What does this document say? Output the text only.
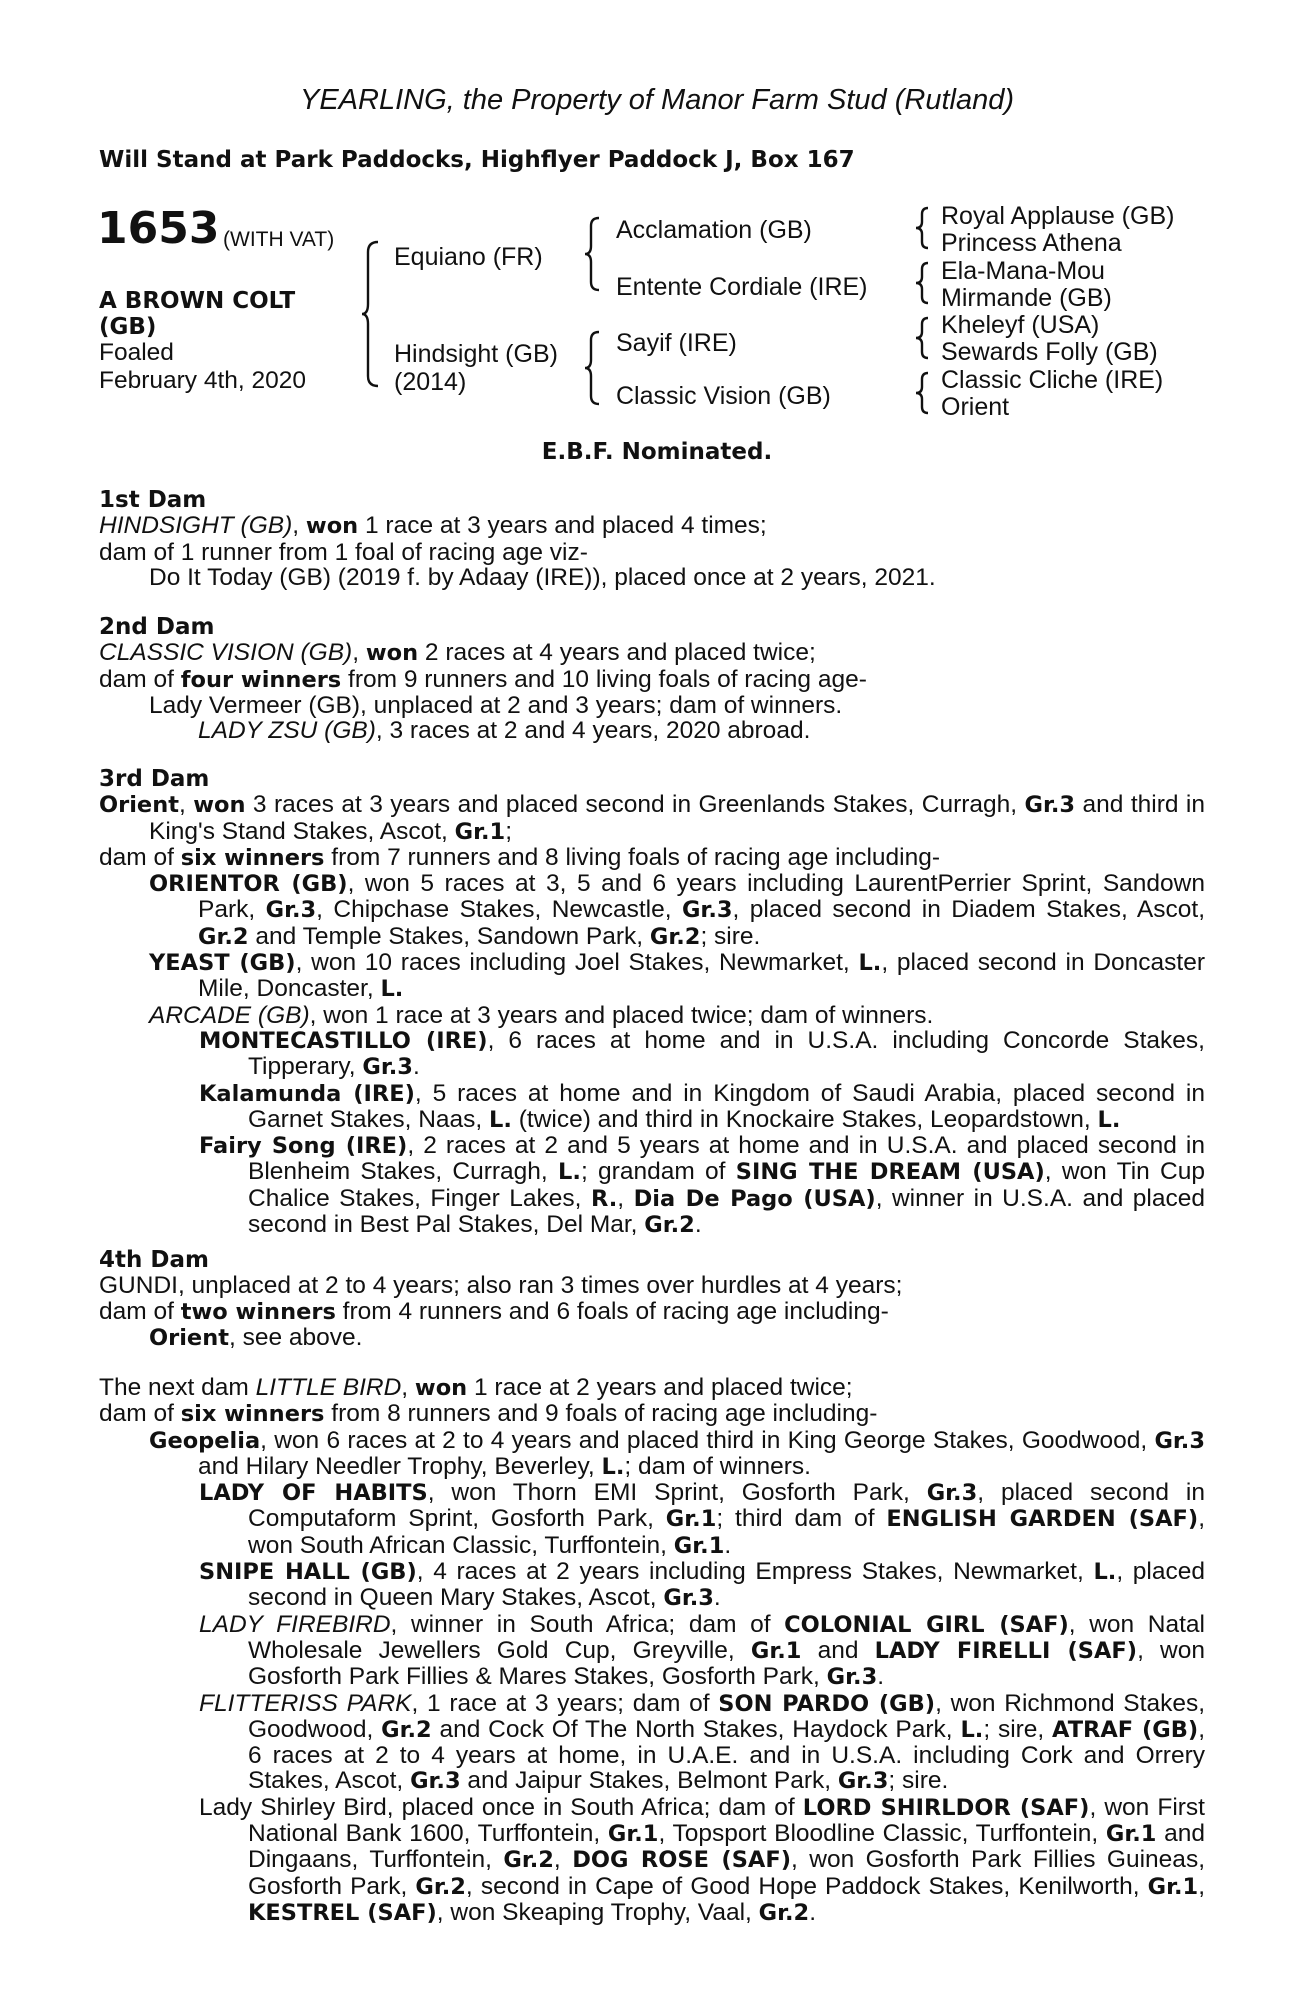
YEARLING, the Property of Manor Farm Stud (Rutland)
Will Stand at Park Paddocks, Highflyer Paddock J, Box 167
1653 (WITH VAT)
A BROWN COLT
(GB)
Foaled
February 4th, 2020
Equiano (FR)
Hindsight (GB)
(2014)
Acclamation (GB)
Entente Cordiale (IRE)
Sayif (IRE)
Classic Vision (GB)
Royal Applause (GB)
Princess Athena
Ela-Mana-Mou
Mirmande (GB)
Kheleyf (USA)
Sewards Folly (GB)
Classic Cliche (IRE)
Orient
E.B.F. Nominated.

1st Dam

HINDSIGHT (GB), won 1 race at 3 years and placed 4 times;

dam of 1 runner from 1 foal of racing age viz-

Do It Today (GB) (2019 f. by Adaay (IRE)), placed once at 2 years, 2021.

2nd Dam

CLASSIC VISION (GB), won 2 races at 4 years and placed twice;

dam of four winners from 9 runners and 10 living foals of racing age-

Lady Vermeer (GB), unplaced at 2 and 3 years; dam of winners.

LADY ZSU (GB), 3 races at 2 and 4 years, 2020 abroad.

3rd Dam

Orient, won 3 races at 3 years and placed second in Greenlands Stakes, Curragh, Gr.3 and third in King's Stand Stakes, Ascot, Gr.1;

dam of six winners from 7 runners and 8 living foals of racing age including-

ORIENTOR (GB), won 5 races at 3, 5 and 6 years including LaurentPerrier Sprint, Sandown Park, Gr.3, Chipchase Stakes, Newcastle, Gr.3, placed second in Diadem Stakes, Ascot, Gr.2 and Temple Stakes, Sandown Park, Gr.2; sire.

YEAST (GB), won 10 races including Joel Stakes, Newmarket, L., placed second in Doncaster Mile, Doncaster, L.

ARCADE (GB), won 1 race at 3 years and placed twice; dam of winners.

MONTECASTILLO (IRE), 6 races at home and in U.S.A. including Concorde Stakes, Tipperary, Gr.3.

Kalamunda (IRE), 5 races at home and in Kingdom of Saudi Arabia, placed second in Garnet Stakes, Naas, L. (twice) and third in Knockaire Stakes, Leopardstown, L.

Fairy Song (IRE), 2 races at 2 and 5 years at home and in U.S.A. and placed second in Blenheim Stakes, Curragh, L.; grandam of SING THE DREAM (USA), won Tin Cup Chalice Stakes, Finger Lakes, R., Dia De Pago (USA), winner in U.S.A. and placed second in Best Pal Stakes, Del Mar, Gr.2.

4th Dam

GUNDI, unplaced at 2 to 4 years; also ran 3 times over hurdles at 4 years;

dam of two winners from 4 runners and 6 foals of racing age including-

Orient, see above.

The next dam LITTLE BIRD, won 1 race at 2 years and placed twice;

dam of six winners from 8 runners and 9 foals of racing age including-

Geopelia, won 6 races at 2 to 4 years and placed third in King George Stakes, Goodwood, Gr.3 and Hilary Needler Trophy, Beverley, L.; dam of winners.

LADY OF HABITS, won Thorn EMI Sprint, Gosforth Park, Gr.3, placed second in Computaform Sprint, Gosforth Park, Gr.1; third dam of ENGLISH GARDEN (SAF), won South African Classic, Turffontein, Gr.1.

SNIPE HALL (GB), 4 races at 2 years including Empress Stakes, Newmarket, L., placed second in Queen Mary Stakes, Ascot, Gr.3.

LADY FIREBIRD, winner in South Africa; dam of COLONIAL GIRL (SAF), won Natal Wholesale Jewellers Gold Cup, Greyville, Gr.1 and LADY FIRELLI (SAF), won Gosforth Park Fillies & Mares Stakes, Gosforth Park, Gr.3.

FLITTERISS PARK, 1 race at 3 years; dam of SON PARDO (GB), won Richmond Stakes, Goodwood, Gr.2 and Cock Of The North Stakes, Haydock Park, L.; sire, ATRAF (GB), 6 races at 2 to 4 years at home, in U.A.E. and in U.S.A. including Cork and Orrery Stakes, Ascot, Gr.3 and Jaipur Stakes, Belmont Park, Gr.3; sire.

Lady Shirley Bird, placed once in South Africa; dam of LORD SHIRLDOR (SAF), won First National Bank 1600, Turffontein, Gr.1, Topsport Bloodline Classic, Turffontein, Gr.1 and Dingaans, Turffontein, Gr.2, DOG ROSE (SAF), won Gosforth Park Fillies Guineas, Gosforth Park, Gr.2, second in Cape of Good Hope Paddock Stakes, Kenilworth, Gr.1, KESTREL (SAF), won Skeaping Trophy, Vaal, Gr.2.
